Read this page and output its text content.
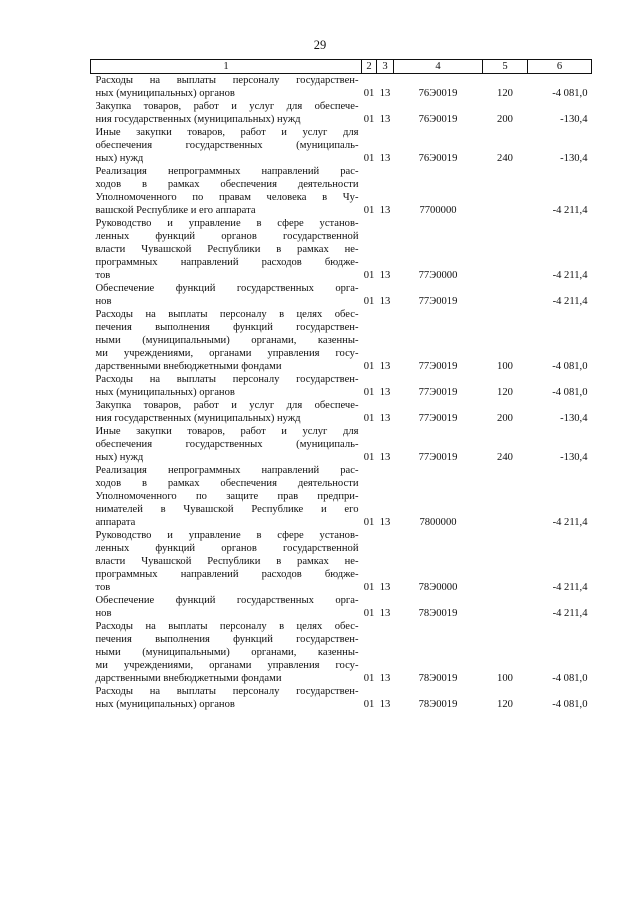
29
1	2	3	4	5	6

Расходы на выплаты персоналу государствен-
ных (муниципальных) органов	01	13	76Э0019	120	-4 081,0

Закупка товаров, работ и услуг для обеспече-
ния государственных (муниципальных) нужд	01	13	76Э0019	200	-130,4

Иные закупки товаров, работ и услуг для
обеспечения государственных (муниципаль-
ных) нужд	01	13	76Э0019	240	-130,4

Реализация непрограммных направлений рас-
ходов в рамках обеспечения деятельности
Уполномоченного по правам человека в Чу-
вашской Республике и его аппарата	01	13	7700000		-4 211,4

Руководство и управление в сфере установ-
ленных функций органов государственной
власти Чувашской Республики в рамках не-
программных направлений расходов бюдже-
тов	01	13	77Э0000		-4 211,4

Обеспечение функций государственных орга-
нов	01	13	77Э0019		-4 211,4

Расходы на выплаты персоналу в целях обес-
печения выполнения функций государствен-
ными (муниципальными) органами, казенны-
ми учреждениями, органами управления госу-
дарственными внебюджетными фондами	01	13	77Э0019	100	-4 081,0

Расходы на выплаты персоналу государствен-
ных (муниципальных) органов	01	13	77Э0019	120	-4 081,0

Закупка товаров, работ и услуг для обеспече-
ния государственных (муниципальных) нужд	01	13	77Э0019	200	-130,4

Иные закупки товаров, работ и услуг для
обеспечения государственных (муниципаль-
ных) нужд	01	13	77Э0019	240	-130,4

Реализация непрограммных направлений рас-
ходов в рамках обеспечения деятельности
Уполномоченного по защите прав предпри-
нимателей в Чувашской Республике и его
аппарата	01	13	7800000		-4 211,4

Руководство и управление в сфере установ-
ленных функций органов государственной
власти Чувашской Республики в рамках не-
программных направлений расходов бюдже-
тов	01	13	78Э0000		-4 211,4

Обеспечение функций государственных орга-
нов	01	13	78Э0019		-4 211,4

Расходы на выплаты персоналу в целях обес-
печения выполнения функций государствен-
ными (муниципальными) органами, казенны-
ми учреждениями, органами управления госу-
дарственными внебюджетными фондами	01	13	78Э0019	100	-4 081,0

Расходы на выплаты персоналу государствен-
ных (муниципальных) органов	01	13	78Э0019	120	-4 081,0
